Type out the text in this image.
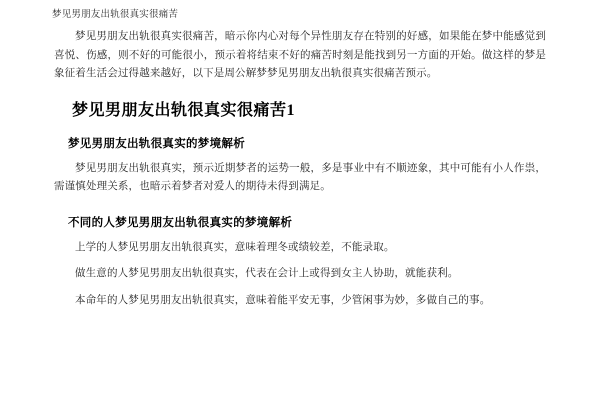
梦见男朋友出轨很真实很痛苦

梦见男朋友出轨很真实很痛苦，暗示你内心对每个异性朋友存在特别的好感，如果能在梦中能感觉到喜悦、伤感，则不好的可能很小，预示着将结束不好的痛苦时刻是能找到另一方面的开始。做这样的梦是象征着生活会过得越来越好，以下是周公解梦梦见男朋友出轨很真实很痛苦预示。

梦见男朋友出轨很真实很痛苦1
梦见男朋友出轨很真实的梦境解析

梦见男朋友出轨很真实，预示近期梦者的运势一般，多是事业中有不顺迹象，其中可能有小人作祟，需谨慎处理关系，也暗示着梦者对爱人的期待未得到满足。

不同的人梦见男朋友出轨很真实的梦境解析

上学的人梦见男朋友出轨很真实，意味着理冬或绩较差，不能录取。

做生意的人梦见男朋友出轨很真实，代表在会计上或得到女主人协助，就能获利。

本命年的人梦见男朋友出轨很真实，意味着能平安无事，少管闲事为妙，多做自己的事。
